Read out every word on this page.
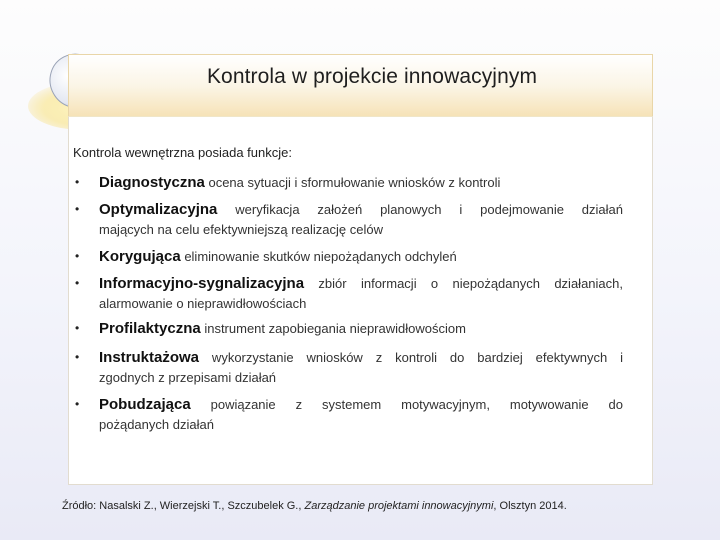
Kontrola w projekcie innowacyjnym
Kontrola wewnętrzna posiada funkcje:
• Diagnostyczna ocena sytuacji i sformułowanie wniosków z kontroli
• Optymalizacyjna weryfikacja założeń planowych i podejmowanie działań
mających na celu efektywniejszą realizację celów
• Korygująca eliminowanie skutków niepożądanych odchyleń
• Informacyjno-sygnalizacyjna zbiór informacji o niepożądanych działaniach,
alarmowanie o nieprawidłowościach
• Profilaktyczna instrument zapobiegania nieprawidłowościom
• Instruktażowa wykorzystanie wniosków z kontroli do bardziej efektywnych i
zgodnych z przepisami działań
• Pobudzająca powiązanie z systemem motywacyjnym, motywowanie do
pożądanych działań
Źródło: Nasalski Z., Wierzejski T., Szczubelek G., Zarządzanie projektami innowacyjnymi, Olsztyn 2014.
